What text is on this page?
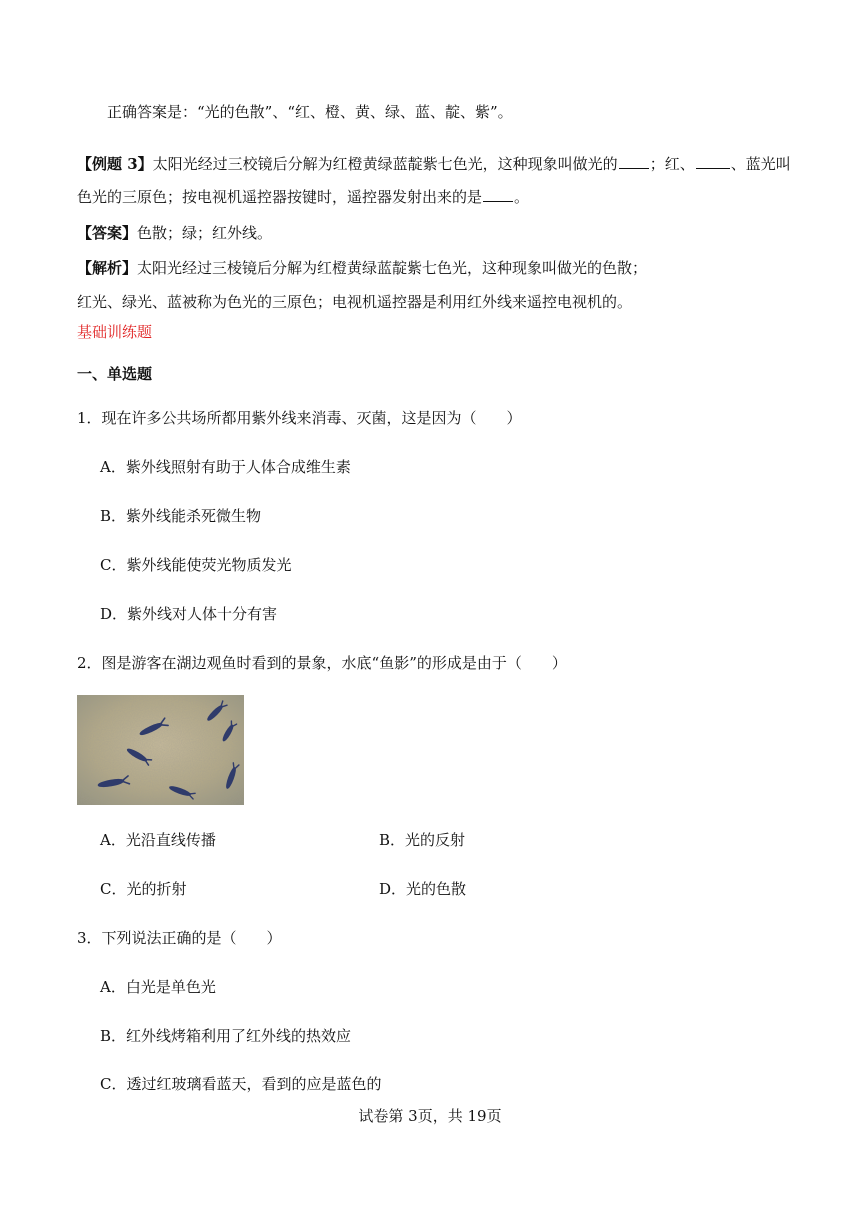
正确答案是：“光的色散”、“红、橙、黄、绿、蓝、靛、紫”。
【例题 3】太阳光经过三校镜后分解为红橙黄绿蓝靛紫七色光，这种现象叫做光的 ；红、 、蓝光叫
色光的三原色；按电视机遥控器按键时，遥控器发射出来的是 。
【答案】色散；绿；红外线。
【解析】太阳光经过三棱镜后分解为红橙黄绿蓝靛紫七色光，这种现象叫做光的色散；
红光、绿光、蓝被称为色光的三原色；电视机遥控器是利用红外线来遥控电视机的。
基础训练题
一、单选题
1．现在许多公共场所都用紫外线来消毒、灭菌，这是因为（　　）
A．紫外线照射有助于人体合成维生素
B．紫外线能杀死微生物
C．紫外线能使荧光物质发光
D．紫外线对人体十分有害
2．图是游客在湖边观鱼时看到的景象，水底“鱼影”的形成是由于（　　）
A．光沿直线传播	B．光的反射
C．光的折射	D．光的色散
3．下列说法正确的是（　　）
A．白光是单色光
B．红外线烤箱利用了红外线的热效应
C．透过红玻璃看蓝天，看到的应是蓝色的
试卷第 3页，共 19页
